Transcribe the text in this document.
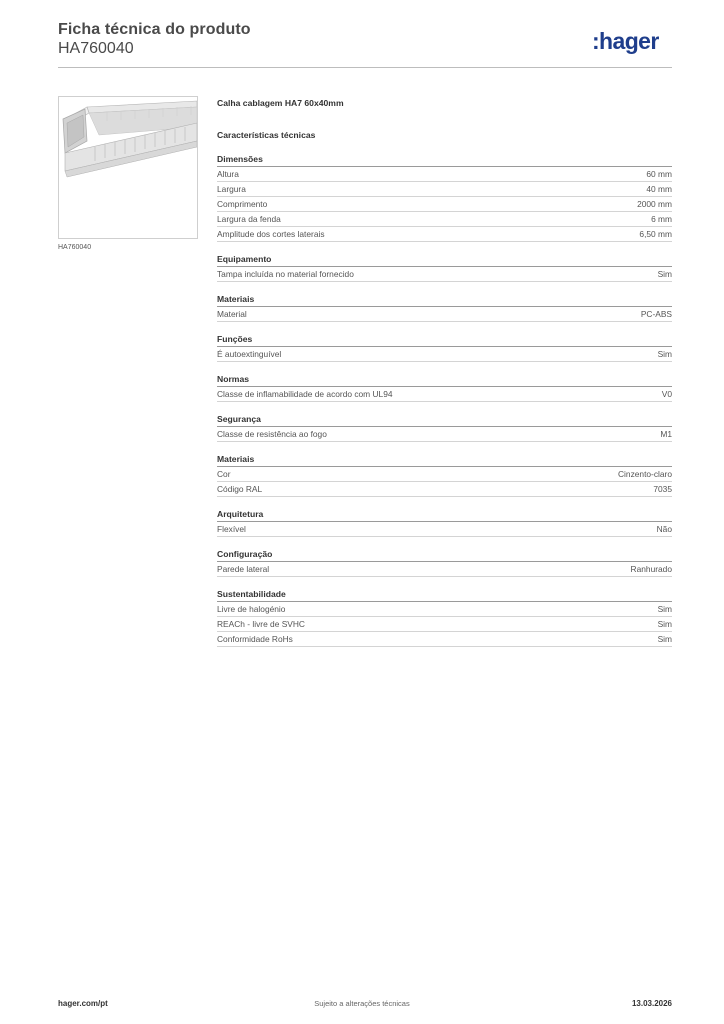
Ficha técnica do produto
HA760040	:hager
HA760040
Calha cablagem HA7 60x40mm
Características técnicas
Dimensões
Altura	60 mm
Largura	40 mm
Comprimento	2000 mm
Largura da fenda	6 mm
Amplitude dos cortes laterais	6,50 mm
Equipamento
Tampa incluída no material fornecido	Sim
Materiais
Material	PC-ABS
Funções
É autoextinguível	Sim
Normas
Classe de inflamabilidade de acordo com UL94	V0
Segurança
Classe de resistência ao fogo	M1
Materiais
Cor	Cinzento-claro
Código RAL	7035
Arquitetura
Flexível	Não
Configuração
Parede lateral	Ranhurado
Sustentabilidade
Livre de halogénio	Sim
REACh - livre de SVHC	Sim
Conformidade RoHs	Sim
hager.com/pt	Sujeito a alterações técnicas	13.03.2026
